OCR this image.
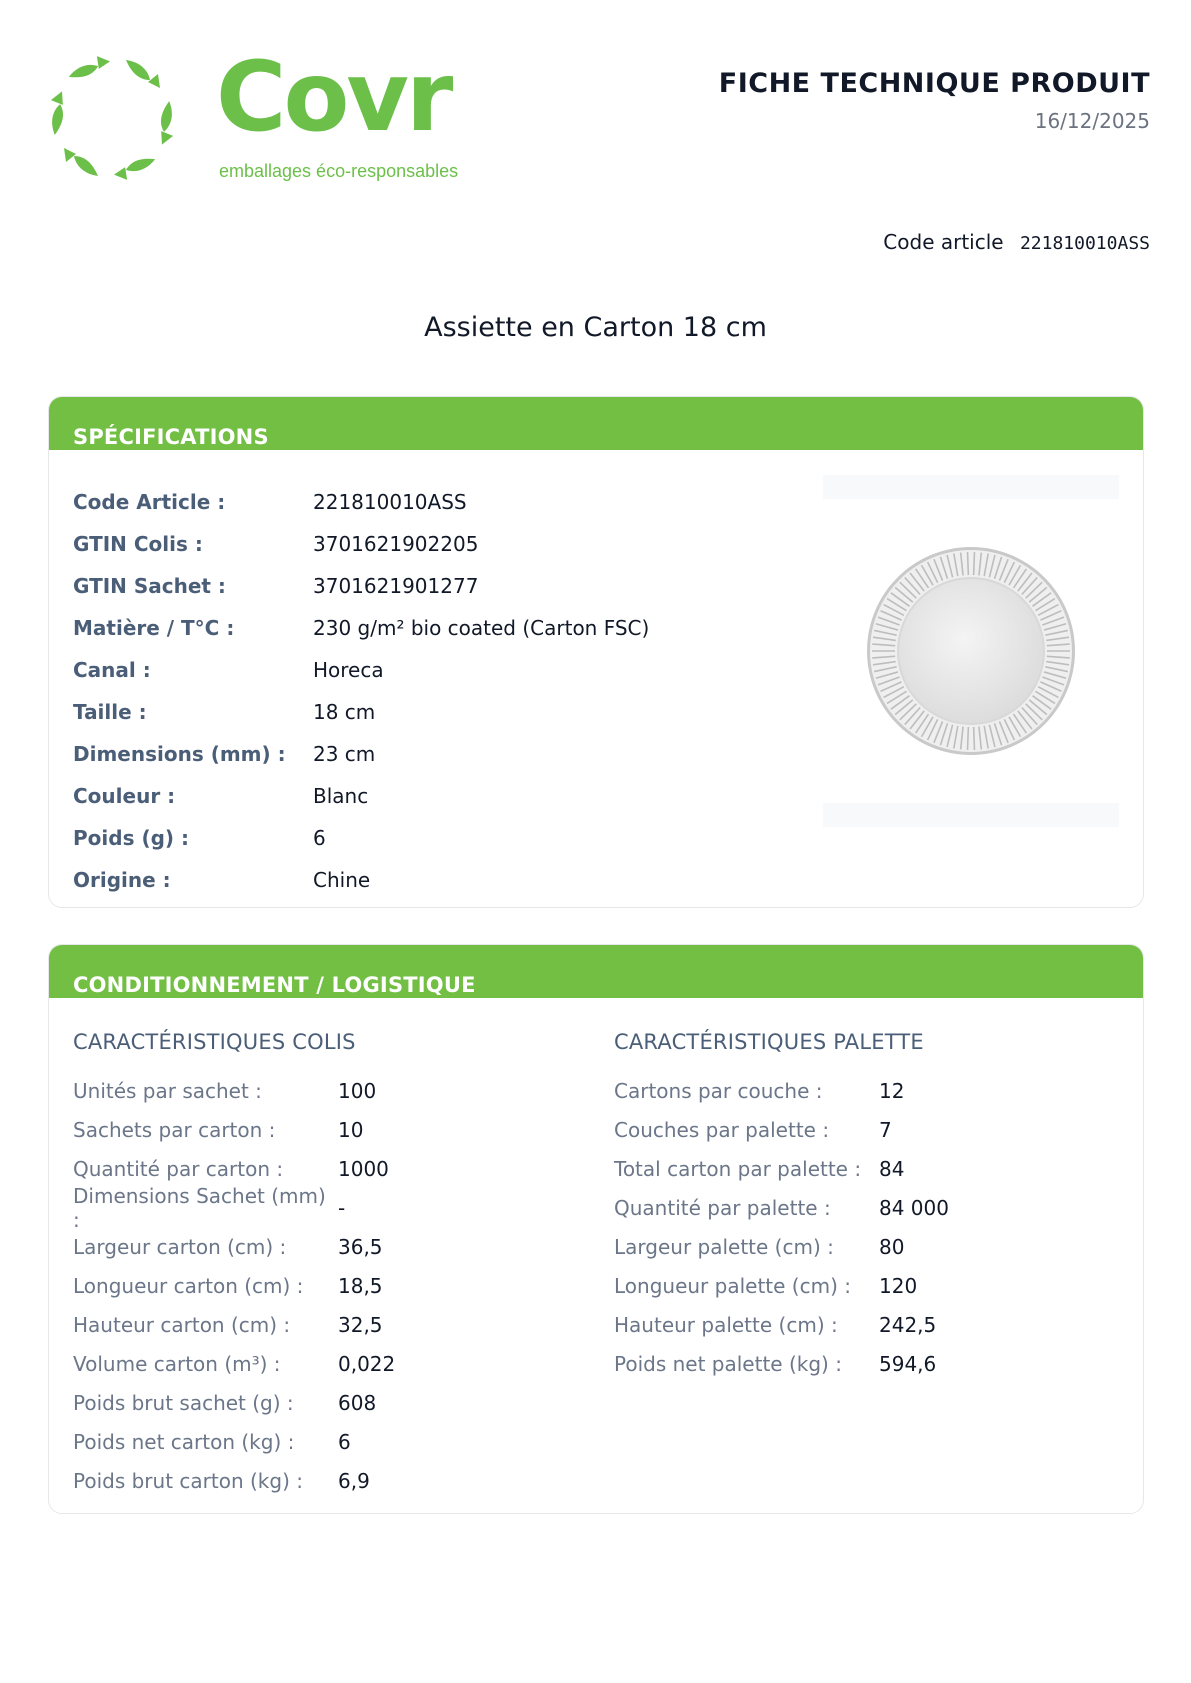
Covr
emballages éco-responsables
FICHE TECHNIQUE PRODUIT
16/12/2025
Code article 221810010ASS
Assiette en Carton 18 cm
SPÉCIFICATIONS
Code Article :	221810010ASS
GTIN Colis :	3701621902205
GTIN Sachet :	3701621901277
Matière / T°C :	230 g/m² bio coated (Carton FSC)
Canal :	Horeca
Taille :	18 cm
Dimensions (mm) :	23 cm
Couleur :	Blanc
Poids (g) :	6
Origine :	Chine
CONDITIONNEMENT / LOGISTIQUE
CARACTÉRISTIQUES COLIS
Unités par sachet :	100
Sachets par carton :	10
Quantité par carton :	1000
Dimensions Sachet (mm) :	-
Largeur carton (cm) :	36,5
Longueur carton (cm) :	18,5
Hauteur carton (cm) :	32,5
Volume carton (m³) :	0,022
Poids brut sachet (g) :	608
Poids net carton (kg) :	6
Poids brut carton (kg) :	6,9
CARACTÉRISTIQUES PALETTE
Cartons par couche :	12
Couches par palette :	7
Total carton par palette : 84
Quantité par palette :	84 000
Largeur palette (cm) :	80
Longueur palette (cm) :	120
Hauteur palette (cm) :	242,5
Poids net palette (kg) :	594,6
